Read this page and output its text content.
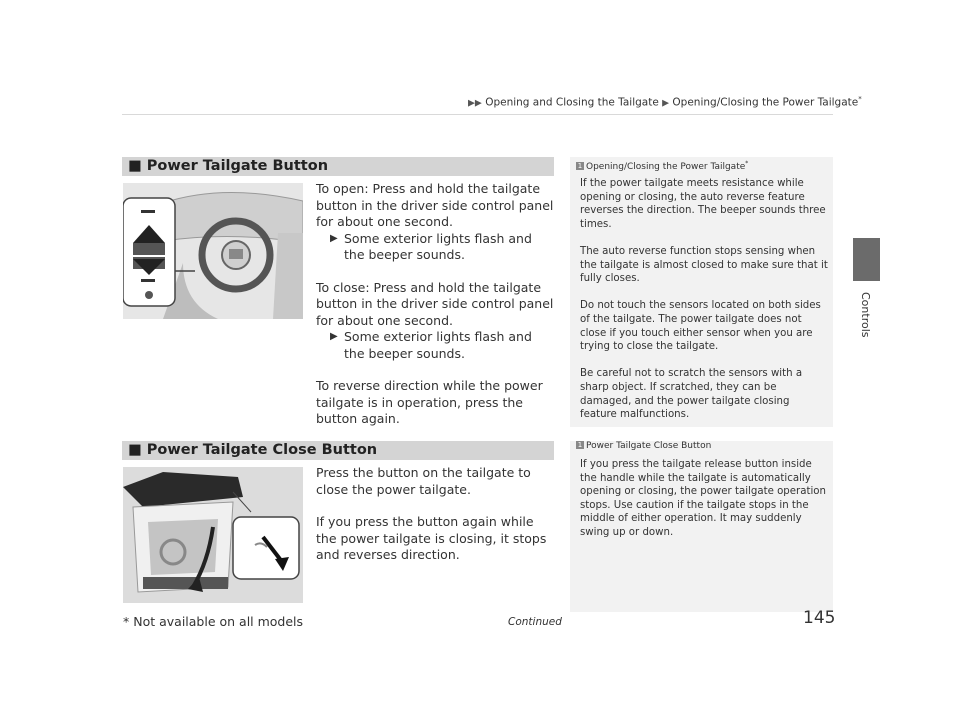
▶▶ Opening and Closing the Tailgate ▶ Opening/Closing the Power Tailgate*
Controls
■ Power Tailgate Button

To open: Press and hold the tailgate button in the driver side control panel for about one second.

▶ Some exterior lights flash and the beeper sounds.

To close: Press and hold the tailgate button in the driver side control panel for about one second.

▶ Some exterior lights flash and the beeper sounds.

To reverse direction while the power tailgate is in operation, press the button again.

1 Opening/Closing the Power Tailgate*

If the power tailgate meets resistance while opening or closing, the auto reverse feature reverses the direction. The beeper sounds three times.

The auto reverse function stops sensing when the tailgate is almost closed to make sure that it fully closes.

Do not touch the sensors located on both sides of the tailgate. The power tailgate does not close if you touch either sensor when you are trying to close the tailgate.

Be careful not to scratch the sensors with a sharp object. If scratched, they can be damaged, and the power tailgate closing feature malfunctions.

■ Power Tailgate Close Button

Press the button on the tailgate to close the power tailgate.

If you press the button again while the power tailgate is closing, it stops and reverses direction.

1 Power Tailgate Close Button

If you press the tailgate release button inside the handle while the tailgate is automatically opening or closing, the power tailgate operation stops. Use caution if the tailgate stops in the middle of either operation. It may suddenly swing up or down.

* Not available on all models	Continued	145
